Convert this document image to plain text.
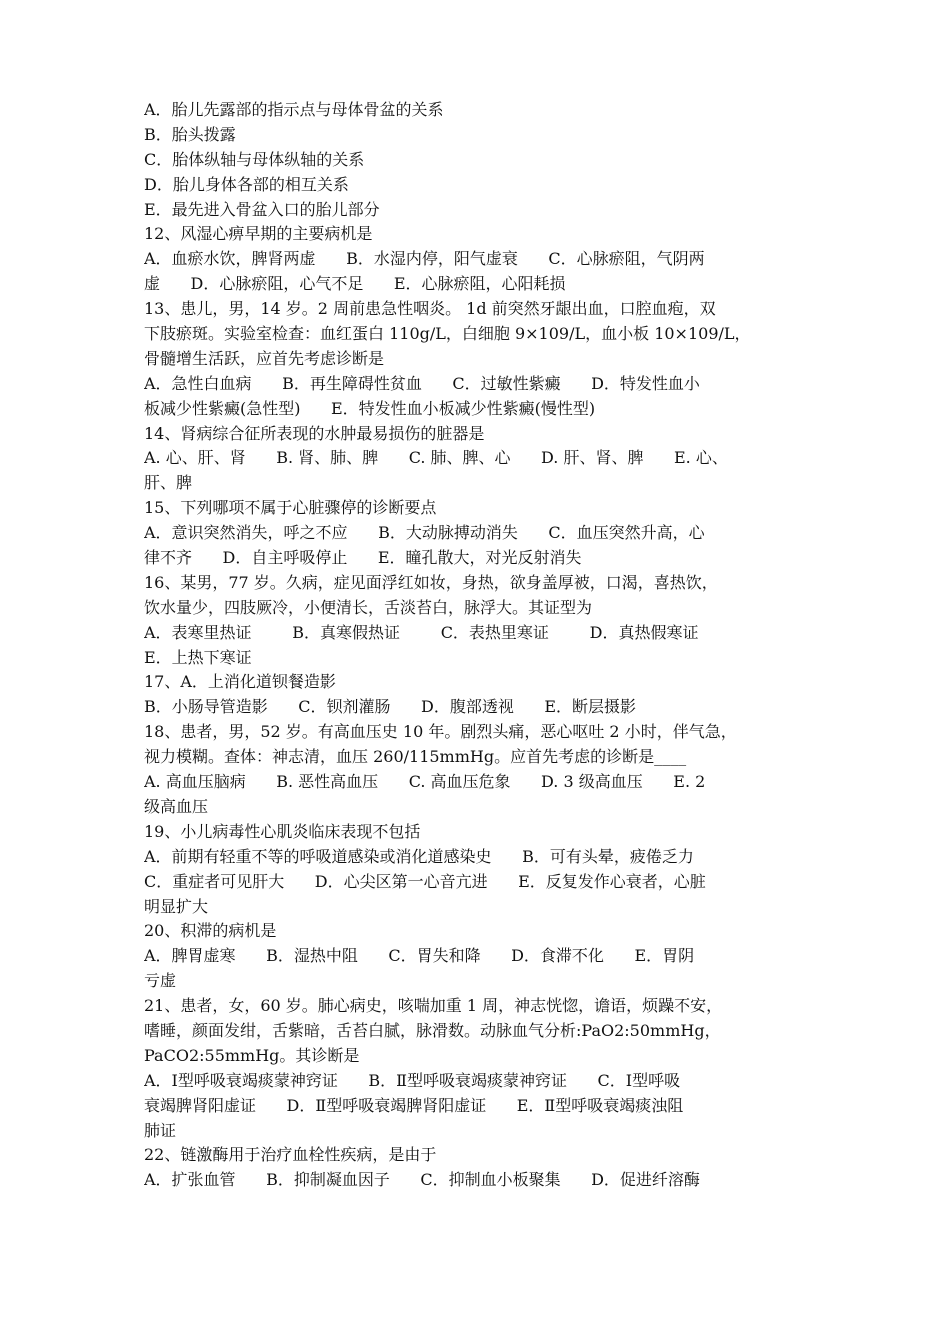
A．胎儿先露部的指示点与母体骨盆的关系
B．胎头拨露
C．胎体纵轴与母体纵轴的关系
D．胎儿身体各部的相互关系
E．最先进入骨盆入口的胎儿部分
12、风湿心痹早期的主要病机是
A．血瘀水饮，脾肾两虚      B．水湿内停，阳气虚衰      C．心脉瘀阻，气阴两
虚      D．心脉瘀阻，心气不足      E．心脉瘀阻，心阳耗损
13、患儿，男，14 岁。2 周前患急性咽炎。 1d 前突然牙龈出血，口腔血疱，双
下肢瘀斑。实验室检查：血红蛋白 110g/L，白细胞 9×109/L，血小板 10×109/L，
骨髓增生活跃，应首先考虑诊断是
A．急性白血病      B．再生障碍性贫血      C．过敏性紫癜      D．特发性血小
板减少性紫癜(急性型)      E．特发性血小板减少性紫癜(慢性型)
14、肾病综合征所表现的水肿最易损伤的脏器是
A. 心、肝、肾      B. 肾、肺、脾      C. 肺、脾、心      D. 肝、肾、脾      E. 心、
肝、脾
15、下列哪项不属于心脏骤停的诊断要点
A．意识突然消失，呼之不应      B．大动脉搏动消失      C．血压突然升高，心
律不齐      D．自主呼吸停止      E．瞳孔散大，对光反射消失
16、某男，77 岁。久病，症见面浮红如妆，身热，欲身盖厚被，口渴，喜热饮，
饮水量少，四肢厥冷，小便清长，舌淡苔白，脉浮大。其证型为
A．表寒里热证        B．真寒假热证        C．表热里寒证        D．真热假寒证
E．上热下寒证
17、A．上消化道钡餐造影
B．小肠导管造影      C．钡剂灌肠      D．腹部透视      E．断层摄影
18、患者，男，52 岁。有高血压史 10 年。剧烈头痛，恶心呕吐 2 小时，伴气急，
视力模糊。查体：神志清，血压 260/115mmHg。应首先考虑的诊断是____
A. 高血压脑病      B. 恶性高血压      C. 高血压危象      D. 3 级高血压      E. 2
级高血压
19、小儿病毒性心肌炎临床表现不包括
A．前期有轻重不等的呼吸道感染或消化道感染史      B．可有头晕，疲倦乏力
C．重症者可见肝大      D．心尖区第一心音亢进      E．反复发作心衰者，心脏
明显扩大
20、积滞的病机是
A．脾胃虚寒      B．湿热中阻      C．胃失和降      D．食滞不化      E．胃阴
亏虚
21、患者，女，60 岁。肺心病史，咳喘加重 1 周，神志恍惚，谵语，烦躁不安，
嗜睡，颜面发绀，舌紫暗，舌苔白腻，脉滑数。动脉血气分析:PaO2:50mmHg，
PaCO2:55mmHg。其诊断是
A．Ⅰ型呼吸衰竭痰蒙神窍证      B．Ⅱ型呼吸衰竭痰蒙神窍证      C．Ⅰ型呼吸
衰竭脾肾阳虚证      D．Ⅱ型呼吸衰竭脾肾阳虚证      E．Ⅱ型呼吸衰竭痰浊阻
肺证
22、链激酶用于治疗血栓性疾病，是由于
A．扩张血管      B．抑制凝血因子      C．抑制血小板聚集      D．促进纤溶酶
